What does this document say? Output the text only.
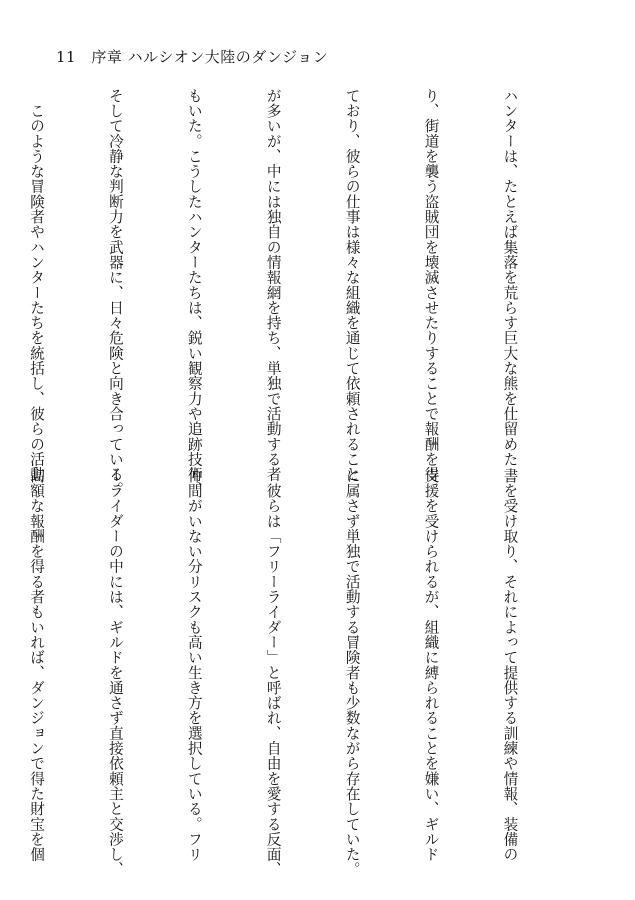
11 序章 ハルシオン大陸のダンジョン

ハンターは、たとえば集落を荒らす巨大な熊を仕留めた

り、街道を襲う盗賊団を壊滅させたりすることで報酬を得

ており、彼らの仕事は様々な組織を通じて依頼されること

が多いが、中には独自の情報網を持ち、単独で活動する者

もいた。こうしたハンターたちは、鋭い観察力や追跡技術、

そして冷静な判断力を武器に、日々危険と向き合っている。

　このような冒険者やハンターたちを統括し、彼らの活動

書を受け取り、それによって提供する訓練や情報、装備の

支援を受けられるが、組織に縛られることを嫌い、ギルド

に属さず単独で活動する冒険者も少数ながら存在していた。

　彼らは「フリーライダー」と呼ばれ、自由を愛する反面、

仲間がいない分リスクも高い生き方を選択している。フリ

ーライダーの中には、ギルドを通さず直接依頼主と交渉し、

高額な報酬を得る者もいれば、ダンジョンで得た財宝を個
